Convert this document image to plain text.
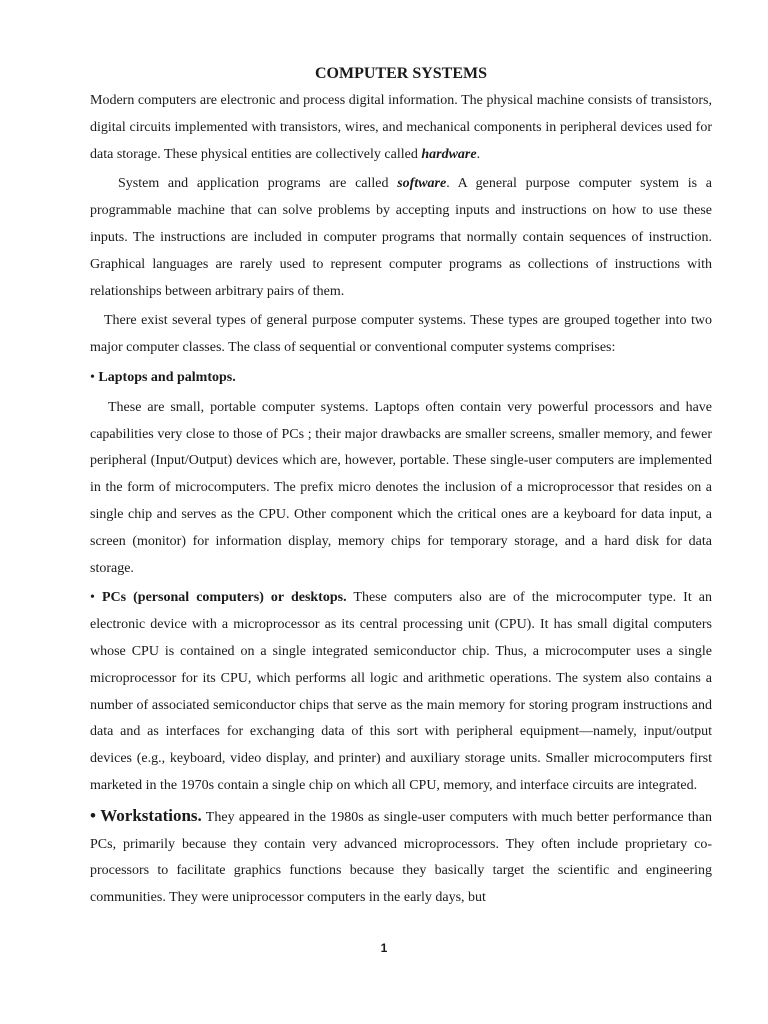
COMPUTER SYSTEMS

Modern computers are electronic and process digital information. The physical machine consists of transistors, digital circuits implemented with transistors, wires, and mechanical components in peripheral devices used for data storage. These physical entities are collectively called hardware.

System and application programs are called software. A general purpose computer system is a programmable machine that can solve problems by accepting inputs and instructions on how to use these inputs. The instructions are included in computer programs that normally contain sequences of instruction. Graphical languages are rarely used to represent computer programs as collections of instructions with relationships between arbitrary pairs of them.

There exist several types of general purpose computer systems. These types are grouped together into two major computer classes. The class of sequential or conventional computer systems comprises:

• Laptops and palmtops.

These are small, portable computer systems. Laptops often contain very powerful processors and have capabilities very close to those of PCs ; their major drawbacks are smaller screens, smaller memory, and fewer peripheral (Input/Output) devices which are, however, portable. These single-user computers are implemented in the form of microcomputers. The prefix micro denotes the inclusion of a microprocessor that resides on a single chip and serves as the CPU. Other component which the critical ones are a keyboard for data input, a screen (monitor) for information display, memory chips for temporary storage, and a hard disk for data storage.

• PCs (personal computers) or desktops. These computers also are of the microcomputer type. It an electronic device with a microprocessor as its central processing unit (CPU). It has small digital computers whose CPU is contained on a single integrated semiconductor chip. Thus, a microcomputer uses a single microprocessor for its CPU, which performs all logic and arithmetic operations. The system also contains a number of associated semiconductor chips that serve as the main memory for storing program instructions and data and as interfaces for exchanging data of this sort with peripheral equipment—namely, input/output devices (e.g., keyboard, video display, and printer) and auxiliary storage units. Smaller microcomputers first marketed in the 1970s contain a single chip on which all CPU, memory, and interface circuits are integrated.

• Workstations. They appeared in the 1980s as single-user computers with much better performance than PCs, primarily because they contain very advanced microprocessors. They often include proprietary co-processors to facilitate graphics functions because they basically target the scientific and engineering communities. They were uniprocessor computers in the early days, but

1
